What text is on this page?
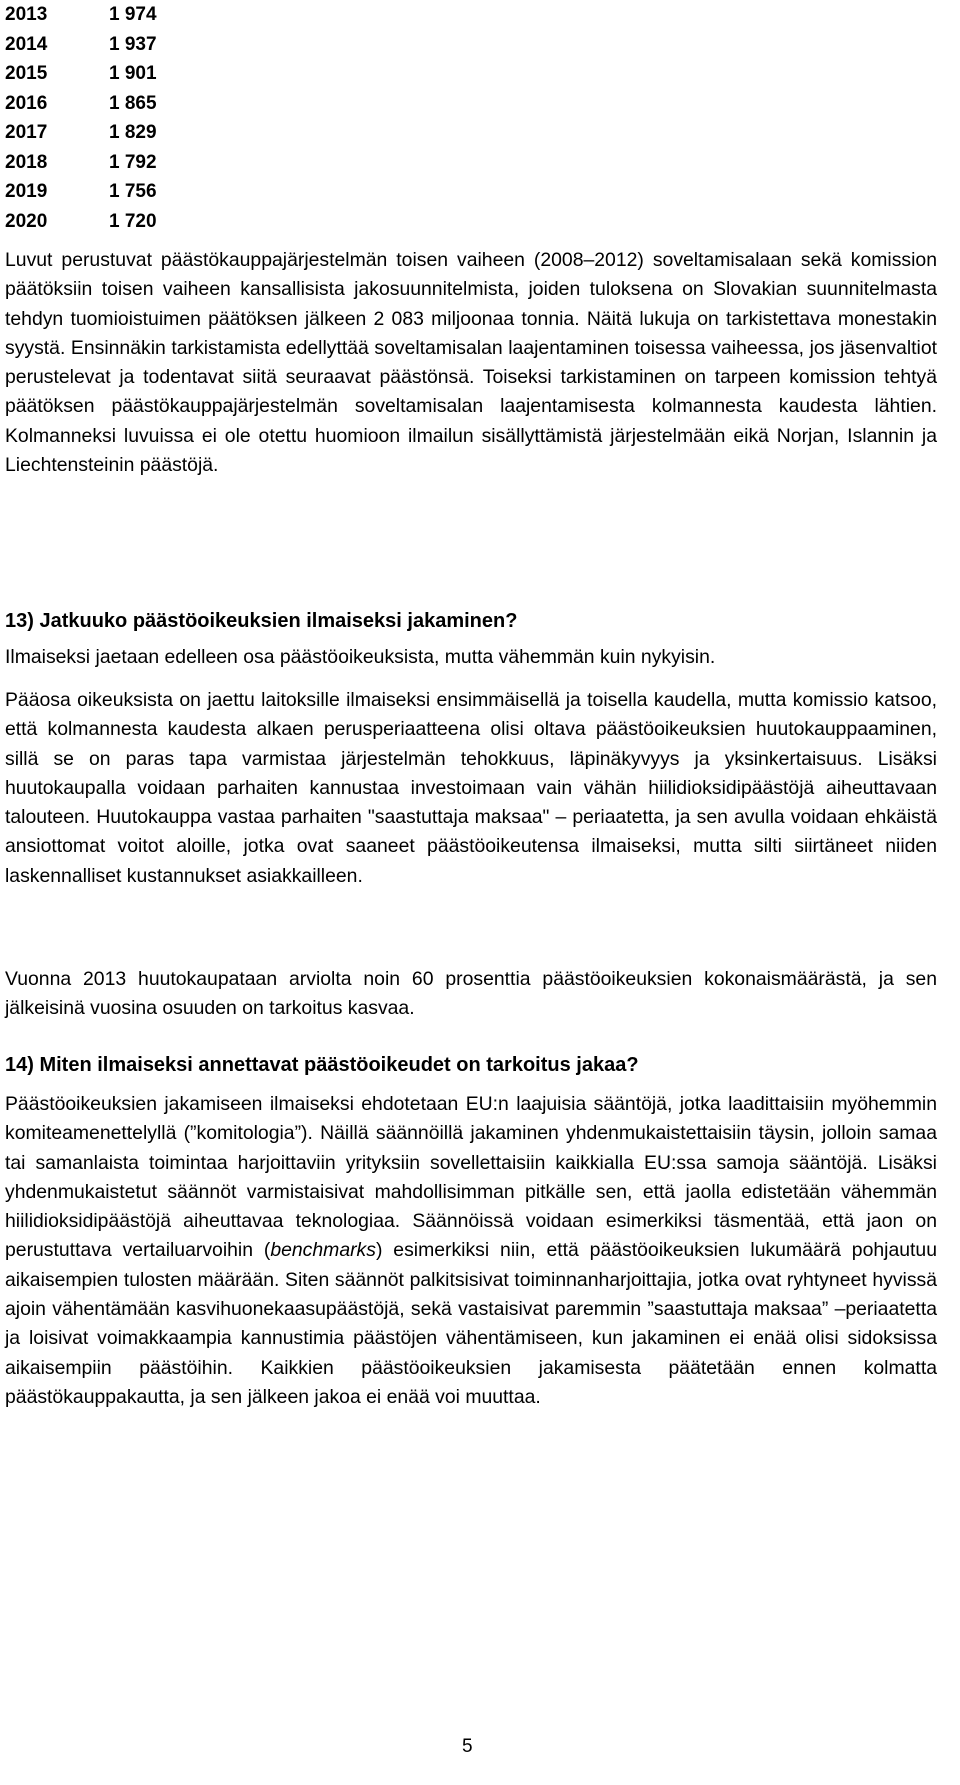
2013	1 974
2014	1 937
2015	1 901
2016	1 865
2017	1 829
2018	1 792
2019	1 756
2020	1 720

Luvut perustuvat päästökauppajärjestelmän toisen vaiheen (2008–2012) soveltamisalaan sekä komission päätöksiin toisen vaiheen kansallisista jakosuunnitelmista, joiden tuloksena on Slovakian suunnitelmasta tehdyn tuomioistuimen päätöksen jälkeen 2 083 miljoonaa tonnia. Näitä lukuja on tarkistettava monestakin syystä. Ensinnäkin tarkistamista edellyttää soveltamisalan laajentaminen toisessa vaiheessa, jos jäsenvaltiot perustelevat ja todentavat siitä seuraavat päästönsä. Toiseksi tarkistaminen on tarpeen komission tehtyä päätöksen päästökauppajärjestelmän soveltamisalan laajentamisesta kolmannesta kaudesta lähtien. Kolmanneksi luvuissa ei ole otettu huomioon ilmailun sisällyttämistä järjestelmään eikä Norjan, Islannin ja Liechtensteinin päästöjä.

13) Jatkuuko päästöoikeuksien ilmaiseksi jakaminen?

Ilmaiseksi jaetaan edelleen osa päästöoikeuksista, mutta vähemmän kuin nykyisin.

Pääosa oikeuksista on jaettu laitoksille ilmaiseksi ensimmäisellä ja toisella kaudella, mutta komissio katsoo, että kolmannesta kaudesta alkaen perusperiaatteena olisi oltava päästöoikeuksien huutokauppaaminen, sillä se on paras tapa varmistaa järjestelmän tehokkuus, läpinäkyvyys ja yksinkertaisuus. Lisäksi huutokaupalla voidaan parhaiten kannustaa investoimaan vain vähän hiilidioksidipäästöjä aiheuttavaan talouteen. Huutokauppa vastaa parhaiten "saastuttaja maksaa" – periaatetta, ja sen avulla voidaan ehkäistä ansiottomat voitot aloille, jotka ovat saaneet päästöoikeutensa ilmaiseksi, mutta silti siirtäneet niiden laskennalliset kustannukset asiakkailleen.

Vuonna 2013 huutokaupataan arviolta noin 60 prosenttia päästöoikeuksien kokonaismäärästä, ja sen jälkeisinä vuosina osuuden on tarkoitus kasvaa.

14) Miten ilmaiseksi annettavat päästöoikeudet on tarkoitus jakaa?

Päästöoikeuksien jakamiseen ilmaiseksi ehdotetaan EU:n laajuisia sääntöjä, jotka laadittaisiin myöhemmin komiteamenettelyllä (”komitologia”). Näillä säännöillä jakaminen yhdenmukaistettaisiin täysin, jolloin samaa tai samanlaista toimintaa harjoittaviin yrityksiin sovellettaisiin kaikkialla EU:ssa samoja sääntöjä. Lisäksi yhdenmukaistetut säännöt varmistaisivat mahdollisimman pitkälle sen, että jaolla edistetään vähemmän hiilidioksidipäästöjä aiheuttavaa teknologiaa. Säännöissä voidaan esimerkiksi täsmentää, että jaon on perustuttava vertailuarvoihin (benchmarks) esimerkiksi niin, että päästöoikeuksien lukumäärä pohjautuu aikaisempien tulosten määrään. Siten säännöt palkitsisivat toiminnanharjoittajia, jotka ovat ryhtyneet hyvissä ajoin vähentämään kasvihuonekaasupäästöjä, sekä vastaisivat paremmin ”saastuttaja maksaa” –periaatetta ja loisivat voimakkaampia kannustimia päästöjen vähentämiseen, kun jakaminen ei enää olisi sidoksissa aikaisempiin päästöihin. Kaikkien päästöoikeuksien jakamisesta päätetään ennen kolmatta päästökauppakautta, ja sen jälkeen jakoa ei enää voi muuttaa.

5
